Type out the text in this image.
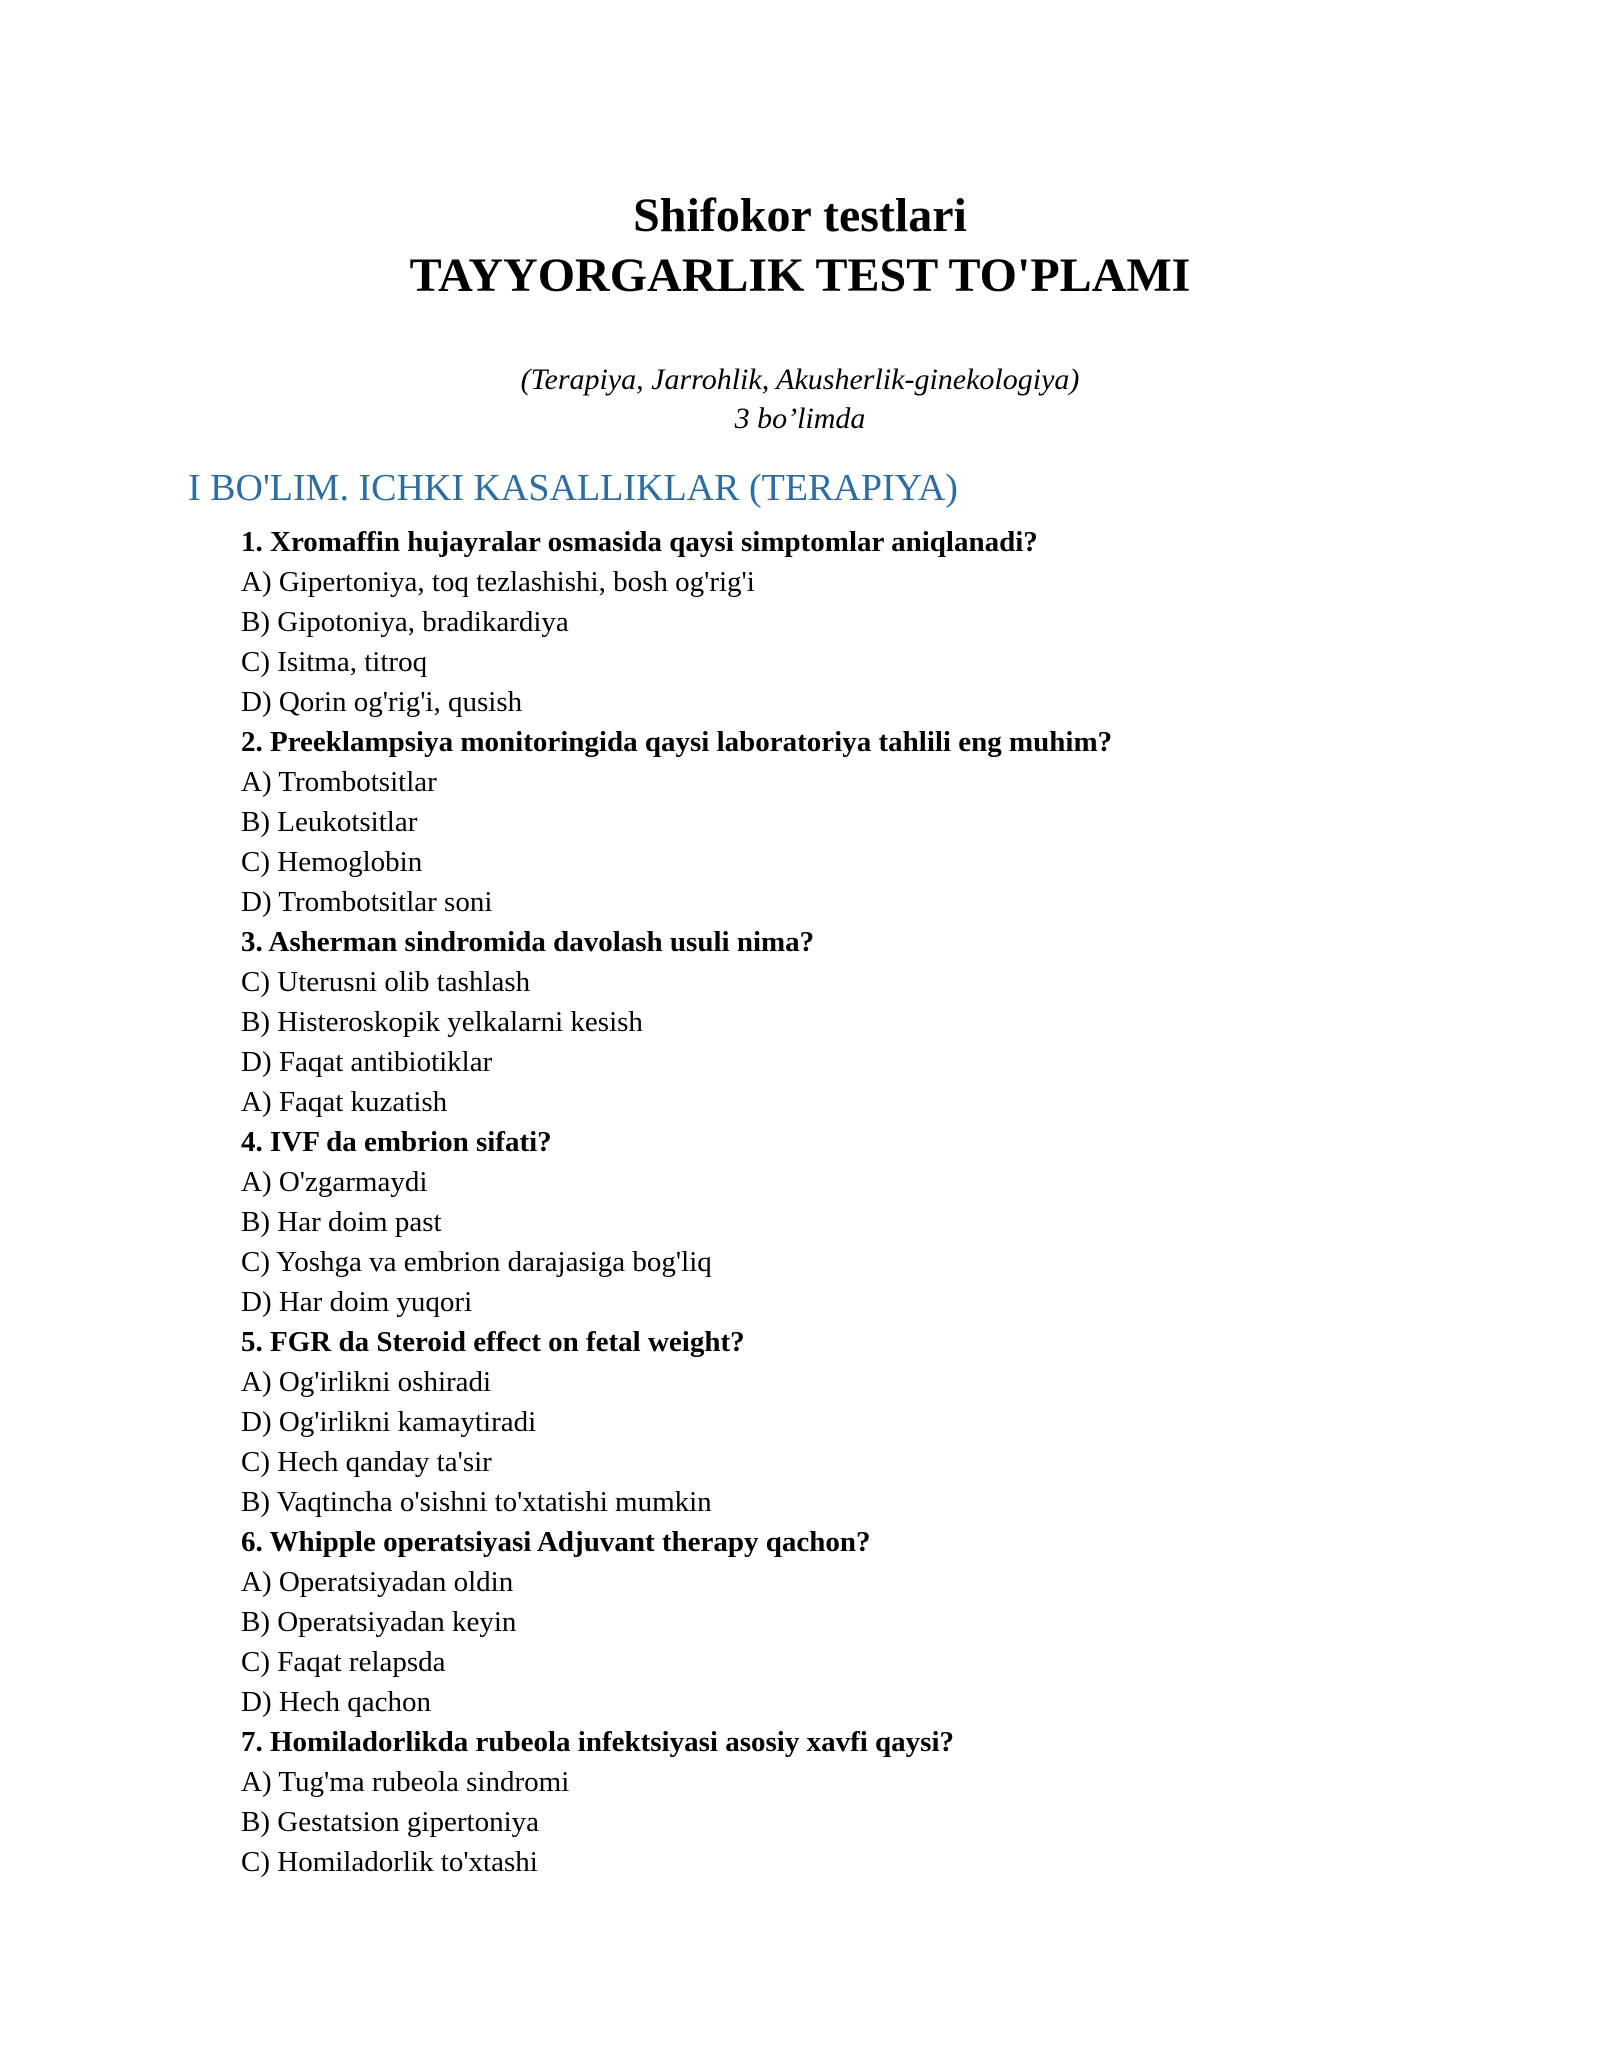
Shifokor testlari
TAYYORGARLIK TEST TO'PLAMI
(Terapiya, Jarrohlik, Akusherlik-ginekologiya)
3 bo’limda
I BO'LIM. ICHKI KASALLIKLAR (TERAPIYA)
1. Xromaffin hujayralar osmasida qaysi simptomlar aniqlanadi?
A) Gipertoniya, toq tezlashishi, bosh og'rig'i
B) Gipotoniya, bradikardiya
C) Isitma, titroq
D) Qorin og'rig'i, qusish
2. Preeklampsiya monitoringida qaysi laboratoriya tahlili eng muhim?
A) Trombotsitlar
B) Leukotsitlar
C) Hemoglobin
D) Trombotsitlar soni
3. Asherman sindromida davolash usuli nima?
C) Uterusni olib tashlash
B) Histeroskopik yelkalarni kesish
D) Faqat antibiotiklar
A) Faqat kuzatish
4. IVF da embrion sifati?
A) O'zgarmaydi
B) Har doim past
C) Yoshga va embrion darajasiga bog'liq
D) Har doim yuqori
5. FGR da Steroid effect on fetal weight?
A) Og'irlikni oshiradi
D) Og'irlikni kamaytiradi
C) Hech qanday ta'sir
B) Vaqtincha o'sishni to'xtatishi mumkin
6. Whipple operatsiyasi Adjuvant therapy qachon?
A) Operatsiyadan oldin
B) Operatsiyadan keyin
C) Faqat relapsda
D) Hech qachon
7. Homiladorlikda rubeola infektsiyasi asosiy xavfi qaysi?
A) Tug'ma rubeola sindromi
B) Gestatsion gipertoniya
C) Homiladorlik to'xtashi
